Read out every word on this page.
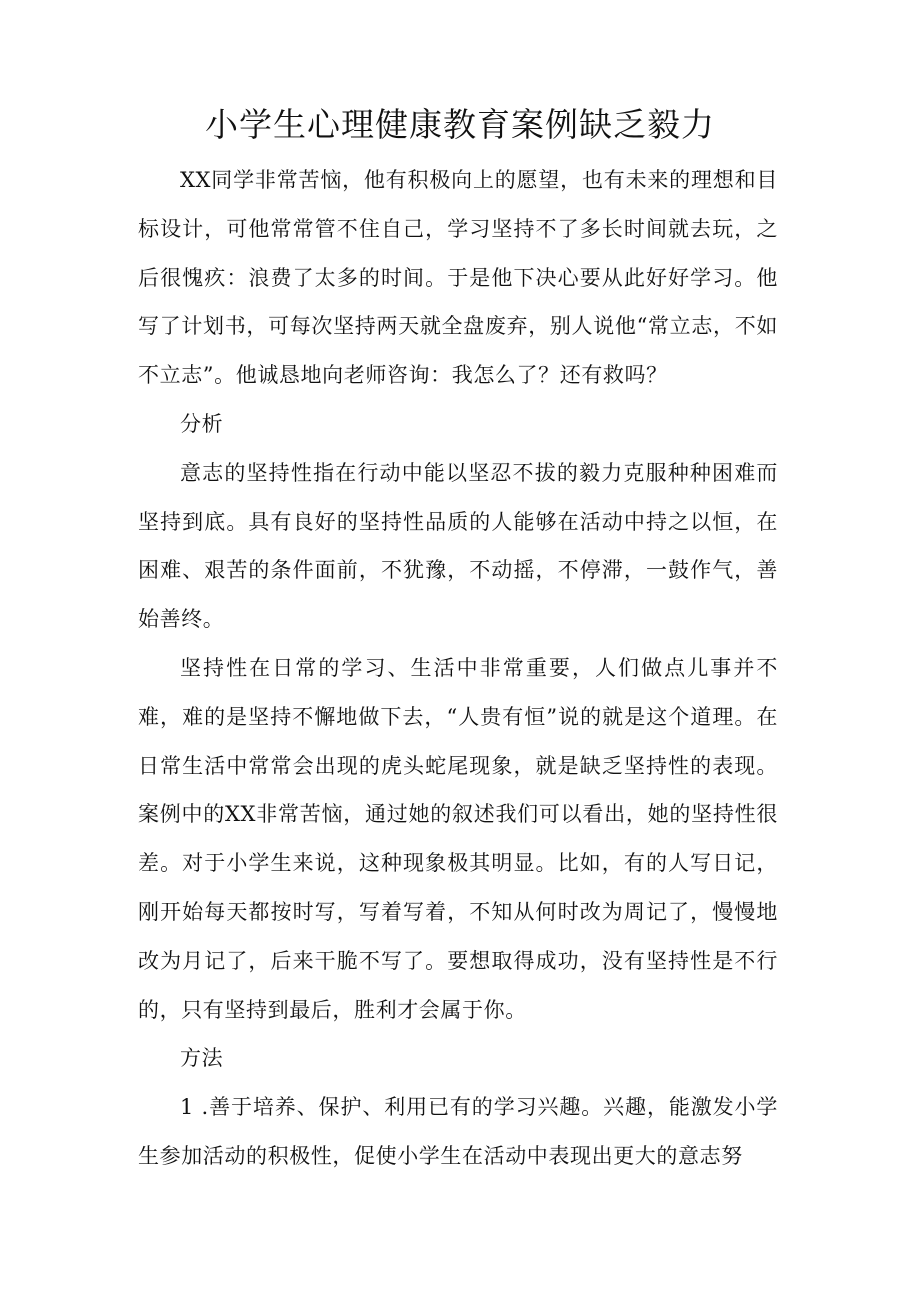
小学生心理健康教育案例缺乏毅力

XX同学非常苦恼，他有积极向上的愿望，也有未来的理想和目标设计，可他常常管不住自己，学习坚持不了多长时间就去玩，之后很愧疚：浪费了太多的时间。于是他下决心要从此好好学习。他写了计划书，可每次坚持两天就全盘废弃，别人说他“常立志，不如不立志”。他诚恳地向老师咨询：我怎么了？还有救吗？

分析

意志的坚持性指在行动中能以坚忍不拔的毅力克服种种困难而坚持到底。具有良好的坚持性品质的人能够在活动中持之以恒，在困难、艰苦的条件面前，不犹豫，不动摇，不停滞，一鼓作气，善始善终。

坚持性在日常的学习、生活中非常重要，人们做点儿事并不难，难的是坚持不懈地做下去，“人贵有恒”说的就是这个道理。在日常生活中常常会出现的虎头蛇尾现象，就是缺乏坚持性的表现。案例中的XX非常苦恼，通过她的叙述我们可以看出，她的坚持性很差。对于小学生来说，这种现象极其明显。比如，有的人写日记，刚开始每天都按时写，写着写着，不知从何时改为周记了，慢慢地改为月记了，后来干脆不写了。要想取得成功，没有坚持性是不行的，只有坚持到最后，胜利才会属于你。

方法

1 .善于培养、保护、利用已有的学习兴趣。兴趣，能激发小学生参加活动的积极性，促使小学生在活动中表现出更大的意志努
